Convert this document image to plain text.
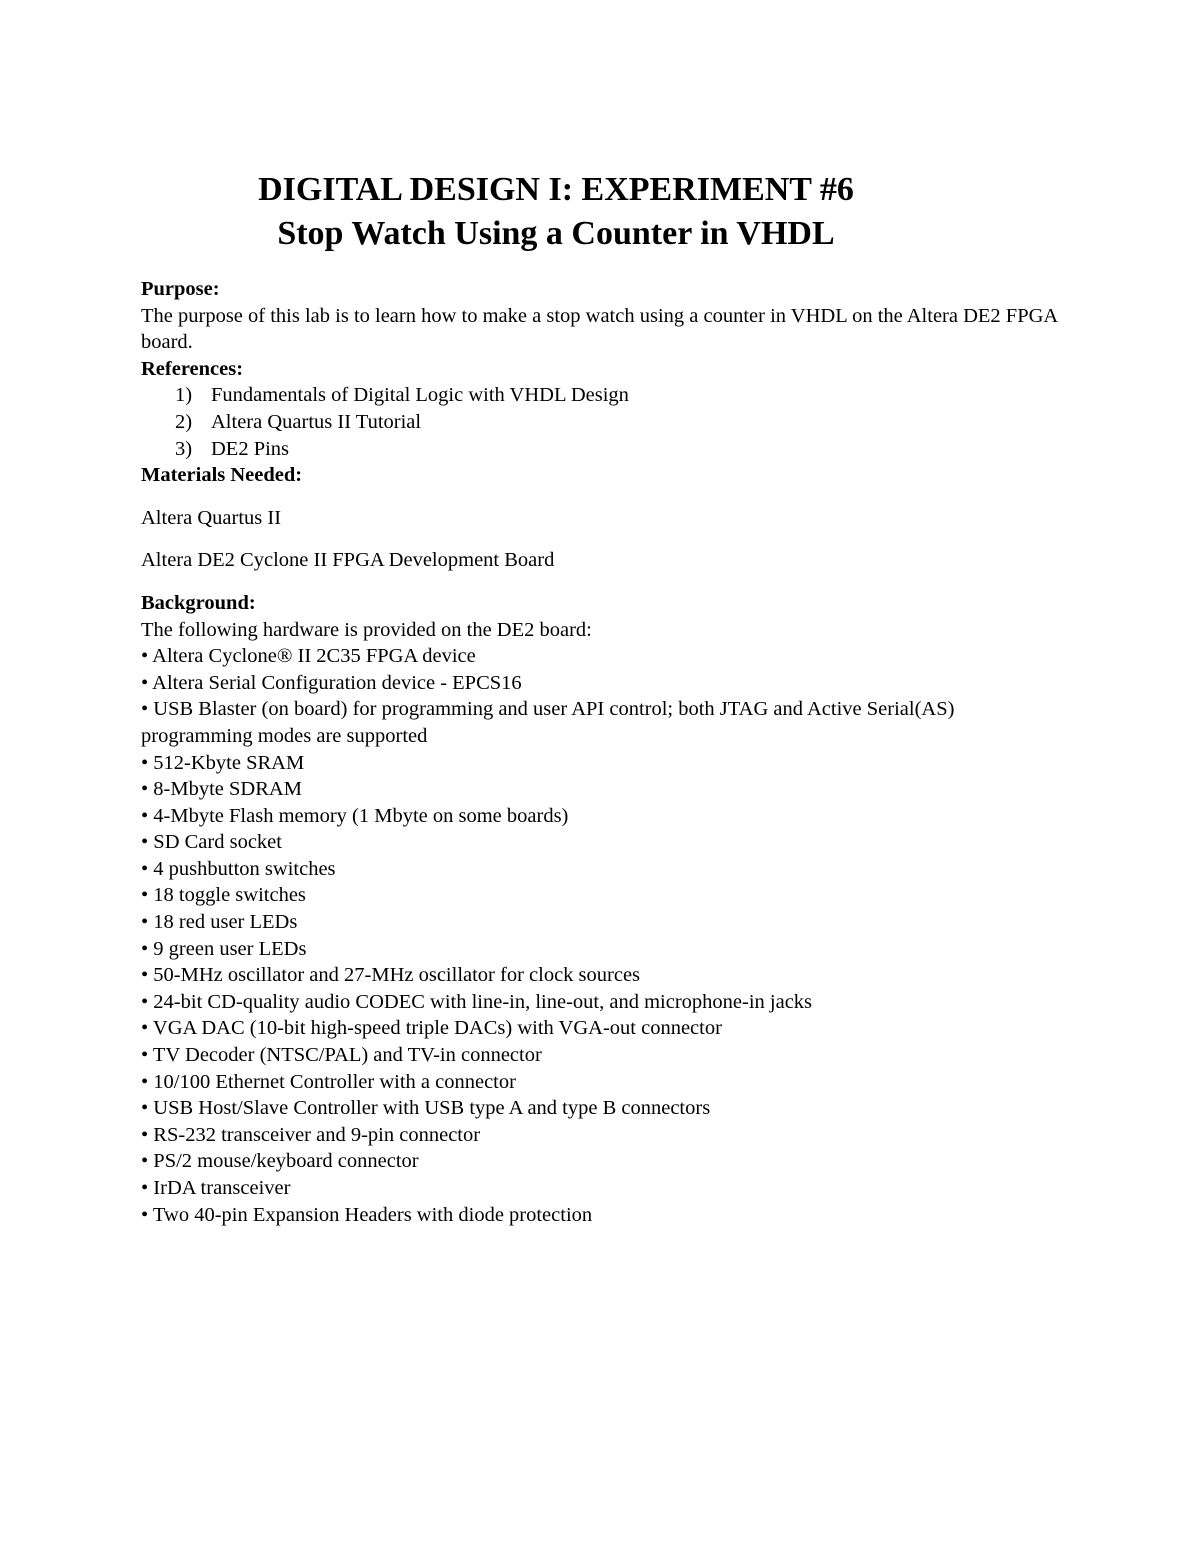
DIGITAL DESIGN I: EXPERIMENT #6
Stop Watch Using a Counter in VHDL
Purpose:

The purpose of this lab is to learn how to make a stop watch using a counter in VHDL on the Altera DE2 FPGA board.

References:
1) Fundamentals of Digital Logic with VHDL Design
2) Altera Quartus II Tutorial
3) DE2 Pins
Materials Needed:
Altera Quartus II
Altera DE2 Cyclone II FPGA Development Board
Background:
The following hardware is provided on the DE2 board:
• Altera Cyclone® II 2C35 FPGA device
• Altera Serial Configuration device - EPCS16
• USB Blaster (on board) for programming and user API control; both JTAG and Active Serial(AS) programming modes are supported
• 512-Kbyte SRAM
• 8-Mbyte SDRAM
• 4-Mbyte Flash memory (1 Mbyte on some boards)
• SD Card socket
• 4 pushbutton switches
• 18 toggle switches
• 18 red user LEDs
• 9 green user LEDs
• 50-MHz oscillator and 27-MHz oscillator for clock sources
• 24-bit CD-quality audio CODEC with line-in, line-out, and microphone-in jacks
• VGA DAC (10-bit high-speed triple DACs) with VGA-out connector
• TV Decoder (NTSC/PAL) and TV-in connector
• 10/100 Ethernet Controller with a connector
• USB Host/Slave Controller with USB type A and type B connectors
• RS-232 transceiver and 9-pin connector
• PS/2 mouse/keyboard connector
• IrDA transceiver
• Two 40-pin Expansion Headers with diode protection
